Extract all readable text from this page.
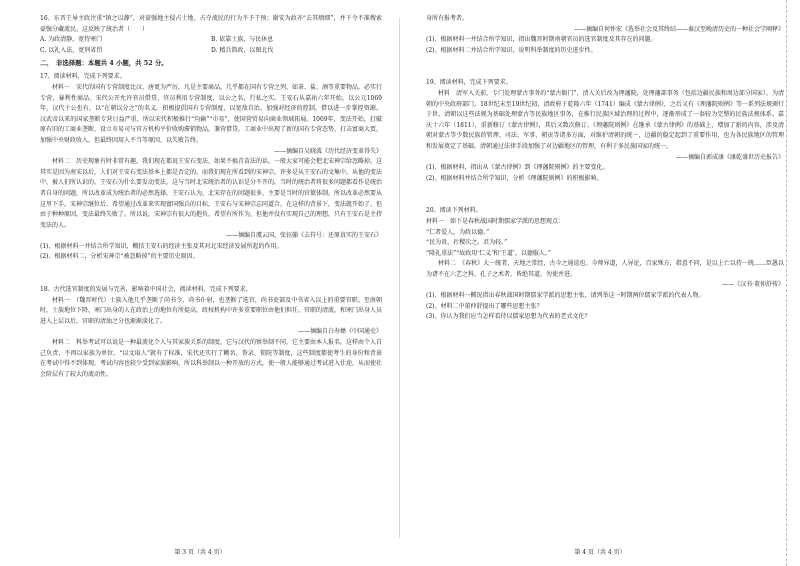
16、东晋王导主政注重“镇之以静”，对豪强地主侵占土地、占夺流民的行为不予干预；谢安为政亦“去其烦细”，并下令不准搜索豪强分藏流民。这反映了统治者（　　）

A. 为政清静，宽待寒门	B. 依靠士族，与民休息
C. 以礼入法，宽刑省罚	D. 精兵简政，以图北伐

二、　非选择题：本题共 4 小题，共 52 分。

17、阅读材料，完成下列要求。

材料一　宋代的国有专营制度比汉、唐更为严厉，凡是主要商品，几乎都在国有专营之列，如茶、盐、酒等重要物品，必实行专营，暴利性商品。宋代公开允许官员借贷，官员利用专营制度，以公之名，行私之实。王安石从嘉祐六年开始，以公元1069年，汉代于公也有，以“在朝以分之”的名义。积极提倡国有专营制度，以宽敌自治，加强对经济的控制，借以进一步掌控资源。汉武帝以来的国家垄断专营日益严重，所以宋代积极推行“均输”“市易”，使国营贸易向商业领域拓展。1069年，变法开始，打破原有旧的工商业垄断，设立市易司与官方机构平价收购滞销物品，兼营借贷。工商业中出现了新的国有专营态势，打击富商大贾，加强中央财政收入，但最终因用人不当等原因，以失败告终。

——摘编自吴晓波《历代经济变革得失》

材料二　历史现象有时非常有趣，我们现在都说王安石变法，如果不搞青苗法的话，一般大家可能会把北宋神宗给忽略掉，这其实是因为南宋以后，人们对王安石变法基本上都是否定的。而我们现在所看到的宋神宗，许多是从王安石的文集中，从他的变法中，被人们所认识的。王安石为什么要发动变法，这与当时北宋统治者的认识是分不开的，当时的统治者将很多问题都看作是统治者自身的问题，所以改革成为统治者的必然选择。王安石认为，北宋存在的问题很多，主要是当时的官僚体制，所以改革必然要从这里下手。宋神宗继位后，希望通过改革来实现富国强兵的目标，王安石与宋神宗志同道合，在这样的背景下，变法就开始了，但由于种种原因，变法最终失败了。所以说，宋神宗有很大的抱负，希望有所作为，但他并没有实现自己的理想，只有王安石是主持变法的人。

——摘编自虞云国、张钰翰《去符号：还原真实的王安石》

(1)、根据材料一并结合所学知识，概括王安石的经济主张及其对北宋经济发展所起的作用。

(2)、根据材料二，分析宋神宗“被忽略掉”的主要历史原因。

18、古代选官制度的发展与完善，影响着中国社会，阅读材料，完成下列要求。

材料一　（魏晋时代）士族入他几乎垄断了尚书令、尚书仆射，也垄断了选官，尚书吏部及中书省入以上的重要官职。至南朝时，士族地位下降，寒门出身的人在政治上的地位有所提高，政权机构中许多重要职位由他们担任，官职的清流，和寒门出身人员进入上层以后，官职的清浊之分也渐渐淡化了。

——摘编自白寿彝《中国通史》

材料二　科举考试可以说是一种最流化个人与其家族关系的制度，它与汉代的察举制不同，它主要由本人报名，这样由个人自己负责，不再以家族为单位，“以文取人”就有了标准，宋代还实行了糊名、誊录、锁院等制度，这些制度都使考生的身份和背景在考试中得不到体现，考试内容也较少受到家族影响，所以科举制以一种开放的方式，使一般人能够通过考试进入仕途，从而使社会阶层有了较大的流动性。

第 3 页（共 4 页）

身所有报考者。

——摘编自何怀宏《选举社会及其终结——秦汉至晚清历史的一种社会学阐释》

(1)、根据材料一并结合所学知识，指出魏晋时期南朝官员的选官制度及其存在的问题。

(2)、根据材料二并结合所学知识，说明科举制度的历史进步性。

19、阅读材料，完成下列要求。

材料　清军入关前，专门处理蒙古事务的“蒙古衙门”，清入关后改为理藩院，处理藩部事务（包括边疆民族和周边部分国家），为清朝的中央政府部门。18世纪末至19世纪初，清政府于乾隆六年（1741）编成《蒙古律例》，之后又有《理藩院则例》等一系列法规颁行于世，清朝以这些法规为基础处理蒙古等民族地区事务，在推行民族区域治理的过程中，逐渐形成了一套较为完整的民族法规体系。嘉庆十六年（1811），重新修订《蒙古律例》，其后又数次修订。《理藩院则例》在继承《蒙古律例》的基础上，增加了新的内容，涉及清朝对蒙古等少数民族的管理、司法、军事、朝贡等诸多方面，对维护清朝的统一、边疆的稳定起到了重要作用，也为各民族地区的管理和发展奠定了基础，清朝通过法律手段加强了对边疆地区的管理，有利于多民族国家的统一。

——摘编自郭成康《康乾盛世历史报告》

(1)、根据材料，指出从《蒙古律例》到《理藩院则例》的主要变化。

(2)、根据材料并结合所学知识，分析《理藩院则例》的积极影响。

20、阅读下列材料。

材料一　如下是春秋战国时期儒家学派的思想观点：

“仁者爱人，为政以德。”

“民为贵，社稷次之，君为轻。”

“隆礼重法”“故政用‘仁义’和‘王道’，以德服人。”

材料二　《春秋》大一统者，天地之常经，古今之通谊也。今师异道，人异论，百家殊方，指意不同，是以上亡以持一统……臣愚以为诸不在六艺之科、孔子之术者，皆绝其道，勿使并进。

——《汉书·董仲舒传》

(1)、根据材料一概况指出春秋战国时期儒家学派的思想主张，请列举这一时期两位儒家学派的代表人物。

(2)、材料二中董仲舒提出了哪些思想主张？

(3)、你认为我们应当怎样看待以儒家思想为代表的老式文化？

第 4 页（共 4 页）
